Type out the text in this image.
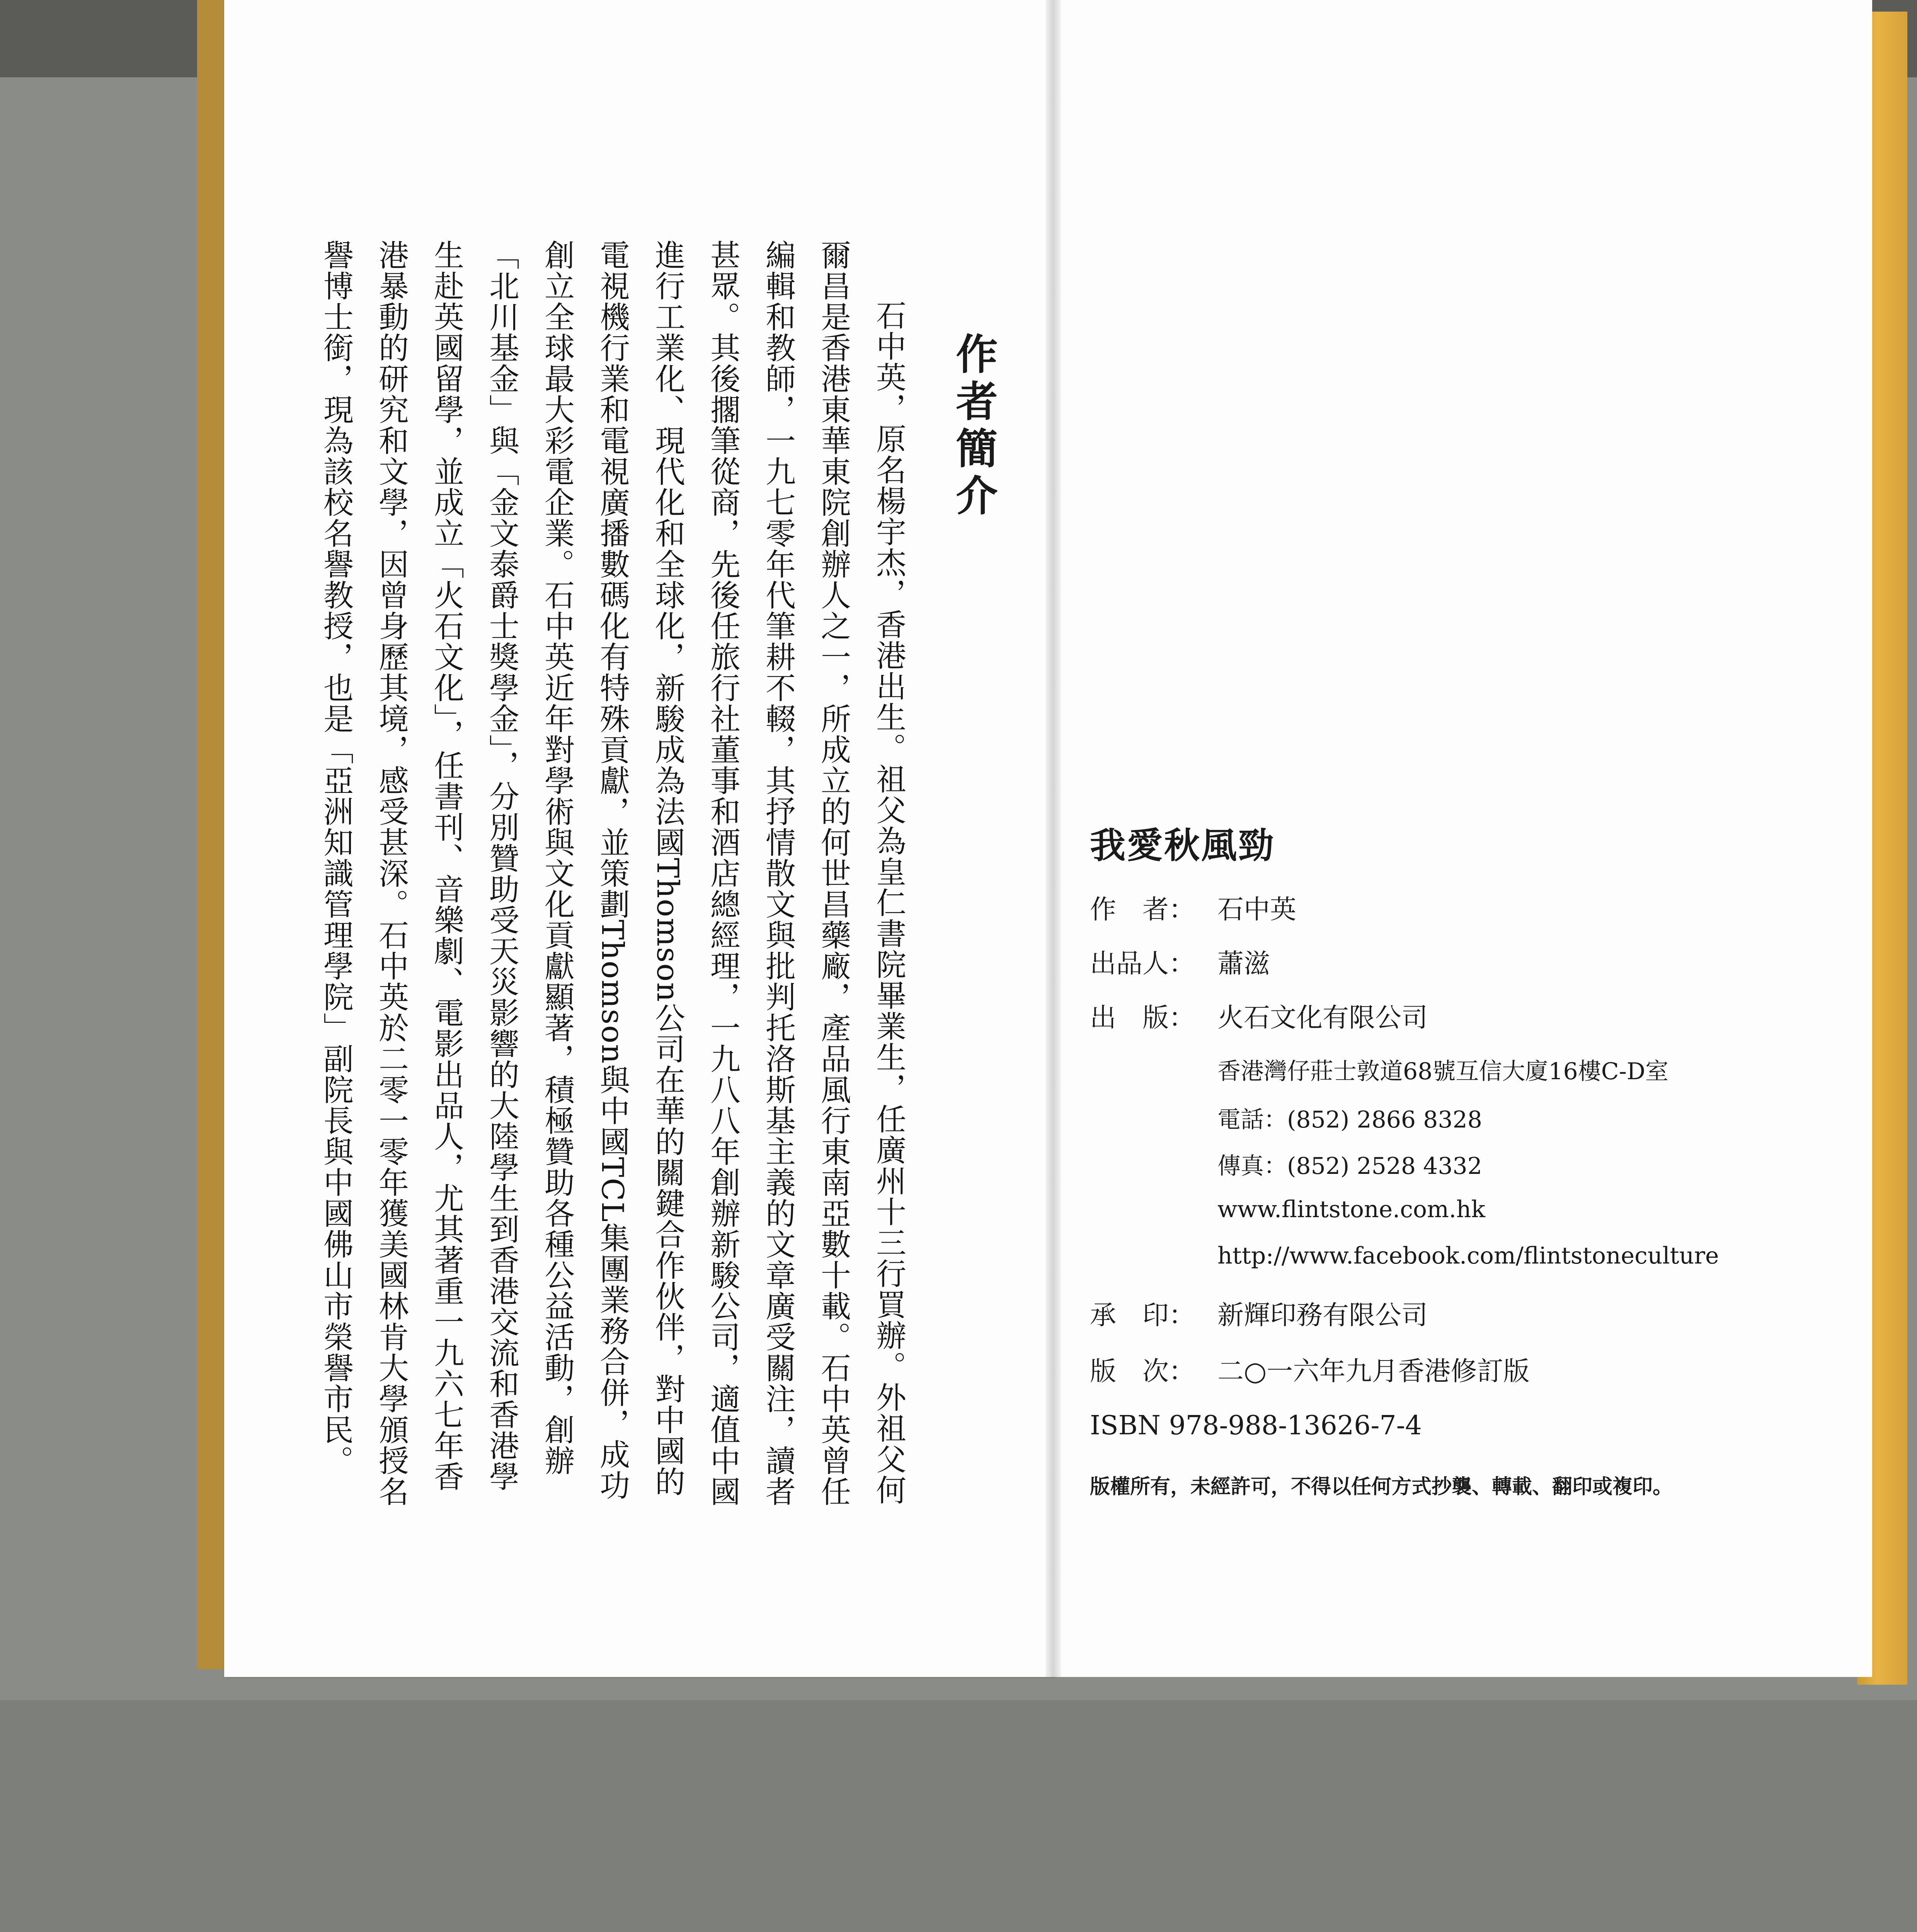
作者簡介

石中英，原名楊宇杰，香港出生。祖父為皇仁書院畢業生，任廣州十三行買辦。外祖父何爾昌是香港東華東院創辦人之一，所成立的何世昌藥廠，產品風行東南亞數十載。石中英曾任編輯和教師，一九七零年代筆耕不輟，其抒情散文與批判托洛斯基主義的文章廣受關注，讀者甚眾。其後擱筆從商，先後任旅行社董事和酒店總經理，一九八八年創辦新駿公司，適值中國進行工業化、現代化和全球化，新駿成為法國Thomson公司在華的關鍵合作伙伴，對中國的電視機行業和電視廣播數碼化有特殊貢獻，並策劃Thomson與中國TCL集團業務合併，成功創立全球最大彩電企業。石中英近年對學術與文化貢獻顯著，積極贊助各種公益活動，創辦「北川基金」與「金文泰爵士獎學金」，分別贊助受天災影響的大陸學生到香港交流和香港學生赴英國留學，並成立「火石文化」，任書刊、音樂劇、電影出品人，尤其著重一九六七年香港暴動的研究和文學，因曾身歷其境，感受甚深。石中英於二零一零年獲美國林肯大學頒授名譽博士銜，現為該校名譽教授，也是「亞洲知識管理學院」副院長與中國佛山市榮譽市民。	我愛秋風勁
作　者： 石中英
出品人： 蕭滋
出　版： 火石文化有限公司
香港灣仔莊士敦道68號互信大廈16樓C-D室
電話：(852) 2866 8328
傳真：(852) 2528 4332
www.flintstone.com.hk
http://www.facebook.com/flintstoneculture
承　印： 新輝印務有限公司
版　次： 二○一六年九月香港修訂版
ISBN 978-988-13626-7-4
版權所有，未經許可，不得以任何方式抄襲、轉載、翻印或複印。
